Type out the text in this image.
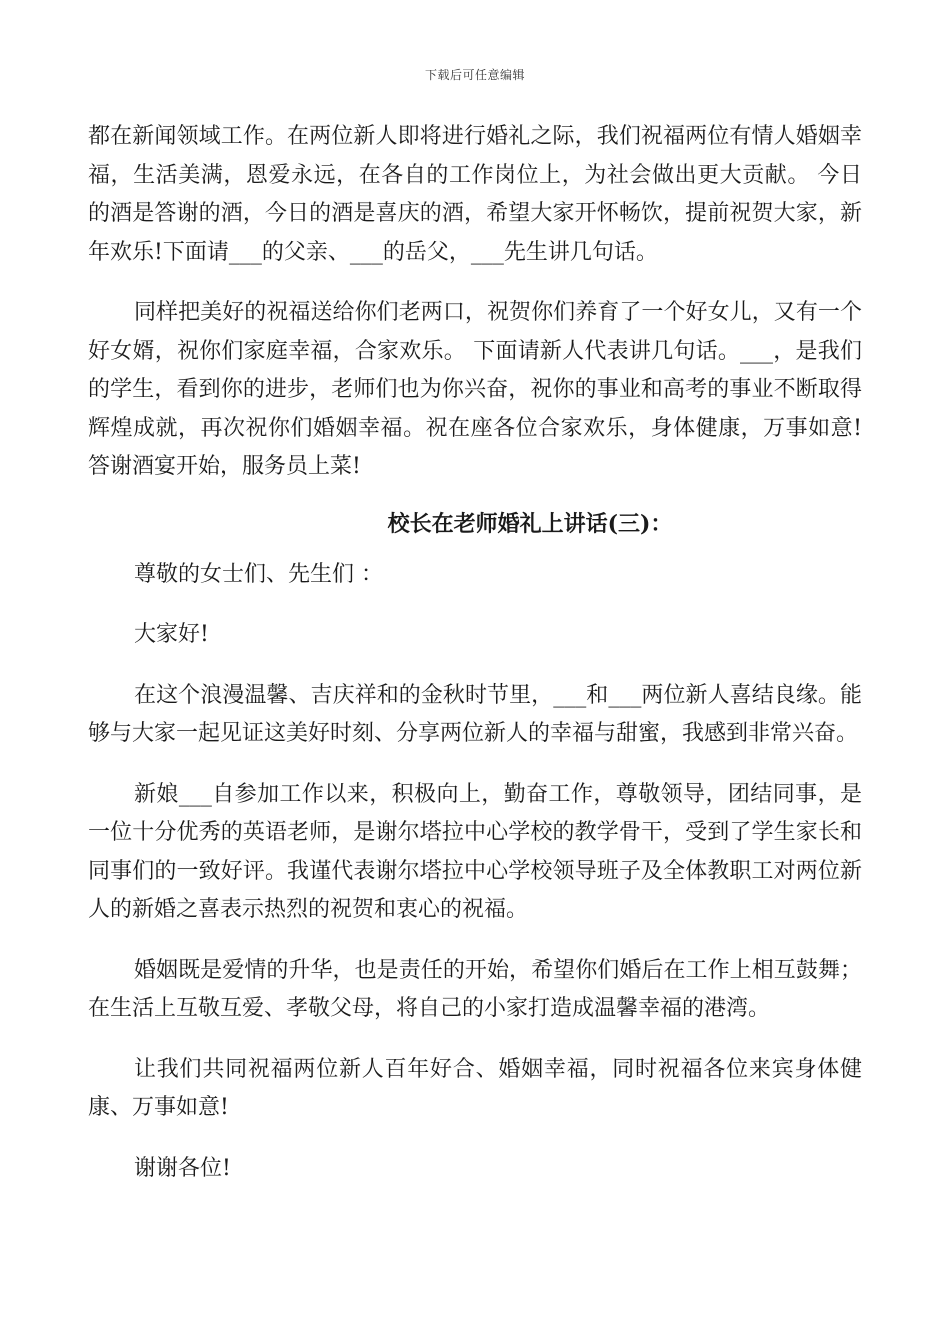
下载后可任意编辑

都在新闻领域工作。在两位新人即将进行婚礼之际，我们祝福两位有情人婚姻幸福，生活美满，恩爱永远，在各自的工作岗位上，为社会做出更大贡献。 今日的酒是答谢的酒，今日的酒是喜庆的酒，希望大家开怀畅饮，提前祝贺大家，新年欢乐!下面请___的父亲、___的岳父，___先生讲几句话。

同样把美好的祝福送给你们老两口，祝贺你们养育了一个好女儿，又有一个好女婿，祝你们家庭幸福，合家欢乐。 下面请新人代表讲几句话。___，是我们的学生，看到你的进步，老师们也为你兴奋，祝你的事业和高考的事业不断取得辉煌成就，再次祝你们婚姻幸福。祝在座各位合家欢乐，身体健康，万事如意! 答谢酒宴开始，服务员上菜!

校长在老师婚礼上讲话(三)：

尊敬的女士们、先生们 ：

大家好!

在这个浪漫温馨、吉庆祥和的金秋时节里，___和___两位新人喜结良缘。能够与大家一起见证这美好时刻、分享两位新人的幸福与甜蜜，我感到非常兴奋。

新娘___自参加工作以来，积极向上，勤奋工作，尊敬领导，团结同事，是一位十分优秀的英语老师，是谢尔塔拉中心学校的教学骨干，受到了学生家长和同事们的一致好评。我谨代表谢尔塔拉中心学校领导班子及全体教职工对两位新人的新婚之喜表示热烈的祝贺和衷心的祝福。

婚姻既是爱情的升华，也是责任的开始，希望你们婚后在工作上相互鼓舞；在生活上互敬互爱、孝敬父母，将自己的小家打造成温馨幸福的港湾。

让我们共同祝福两位新人百年好合、婚姻幸福，同时祝福各位来宾身体健康、万事如意!

谢谢各位!
